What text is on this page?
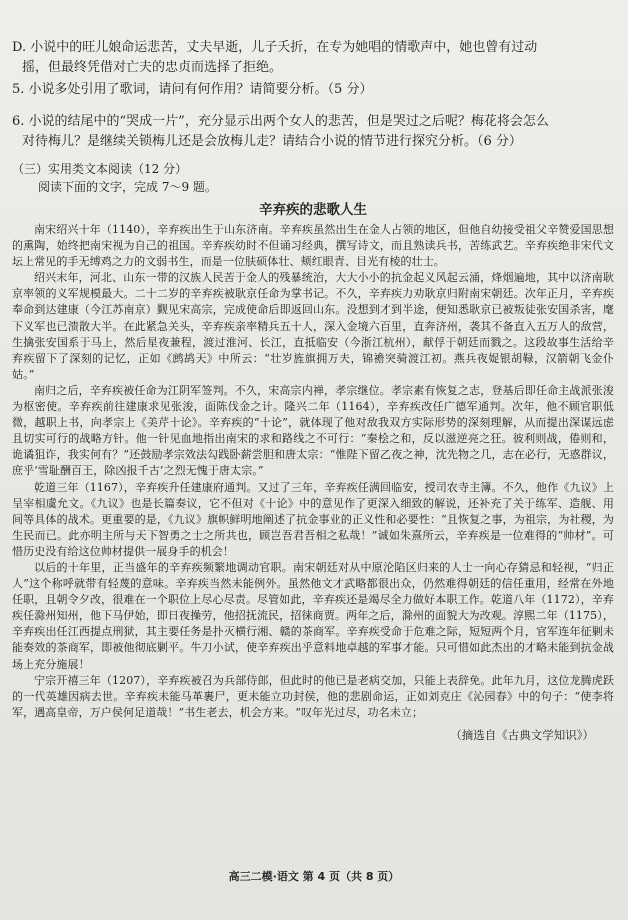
D. 小说中的旺儿娘命运悲苦，丈夫早逝，儿子夭折，在专为她唱的情歌声中，她也曾有过动

摇，但最终凭借对亡夫的忠贞而选择了拒绝。

5. 小说多处引用了歌词，请问有何作用？请简要分析。（5 分）

6. 小说的结尾中的“哭成一片”，充分显示出两个女人的悲苦，但是哭过之后呢？梅花将会怎么

对待梅儿？是继续关锁梅儿还是会放梅儿走？请结合小说的情节进行探究分析。（6 分）

（三）实用类文本阅读（12 分）

阅读下面的文字，完成 7～9 题。

辛弃疾的悲歌人生

南宋绍兴十年（1140），辛弃疾出生于山东济南。辛弃疾虽然出生在金人占领的地区，但他自幼接受祖父辛赞爱国思想的熏陶，始终把南宋视为自己的祖国。辛弃疾幼时不但诵习经典，撰写诗文，而且熟读兵书，苦练武艺。辛弃疾绝非宋代文坛上常见的手无缚鸡之力的文弱书生，而是一位肤硕体壮、颊红眼青、目光有棱的壮士。

绍兴末年，河北、山东一带的汉族人民苦于金人的残暴统治，大大小小的抗金起义风起云涌，烽烟遍地，其中以济南耿京率领的义军规模最大。二十二岁的辛弃疾被耿京任命为掌书记。不久，辛弃疾力劝耿京归附南宋朝廷。次年正月，辛弃疾奉命到达建康（今江苏南京）觐见宋高宗，完成使命后即返回山东。没想到才到半途，便知悉耿京已被叛徒张安国杀害，麾下义军也已溃散大半。在此紧急关头，辛弃疾亲率精兵五十人，深入金境六百里，直奔济州，袭其不备直入五万人的敌营，生擒张安国系于马上，然后星夜兼程，渡过淮河、长江，直抵临安（今浙江杭州），献俘于朝廷而戮之。这段故事生活给辛弃疾留下了深刻的记忆，正如《鹧鸪天》中所云：“壮岁旌旗拥万夫，锦襜突骑渡江初。燕兵夜娖银胡䩮，汉箭朝飞金仆姑。”

南归之后，辛弃疾被任命为江阴军签判。不久，宋高宗内禅，孝宗继位。孝宗素有恢复之志，登基后即任命主战派张浚为枢密使。辛弃疾前往建康求见张浚，面陈伐金之计。隆兴二年（1164），辛弃疾改任广德军通判。次年，他不顾官职低微，越职上书，向孝宗上《美芹十论》。辛弃疾的“十论”，就体现了他对敌我双方实际形势的深刻理解，从而提出深谋远虑且切实可行的战略方针。他一针见血地指出南宋的求和路线之不可行：“秦桧之和，反以滋逆亮之狂。彼利则战，倦则和，诡谲狙诈，我实何有？”还鼓励孝宗效法勾践卧薪尝胆和唐太宗：“惟陛下留乙夜之神，沈先物之几，志在必行，无惑群议，庶乎‘雪耻酬百王，除凶报千古’之烈无愧于唐太宗。”

乾道三年（1167），辛弃疾升任建康府通判。又过了三年，辛弃疾任满回临安，授司农寺主簿。不久，他作《九议》上呈宰相虞允文。《九议》也是长篇奏议，它不但对《十论》中的意见作了更深入细致的解说，还补充了关于练军、造舰、用间等具体的战术。更重要的是，《九议》旗帜鲜明地阐述了抗金事业的正义性和必要性：“且恢复之事，为祖宗，为社稷，为生民而已。此亦明主所与天下智勇之士之所共也，顾岂吾君吾相之私哉！”诚如朱熹所云，辛弃疾是一位难得的“帅材”。可惜历史没有给这位帅材提供一展身手的机会！

以后的十年里，正当盛年的辛弃疾频繁地调动官职。南宋朝廷对从中原沦陷区归来的人士一向心存猜忌和轻视，“归正人”这个称呼就带有轻蔑的意味。辛弃疾当然未能例外。虽然他文才武略都很出众，仍然难得朝廷的信任重用，经常在外地任职，且朝令夕改，很难在一个职位上尽心尽责。尽管如此，辛弃疾还是竭尽全力做好本职工作。乾道八年（1172），辛弃疾任滁州知州，他下马伊始，即日夜操劳，他招抚流民，招徕商贾。两年之后，滁州的面貌大为改观。淳熙二年（1175），辛弃疾出任江西提点刑狱，其主要任务是扑灭横行湘、赣的茶商军。辛弃疾受命于危难之际，短短两个月，官军连年征剿未能奏效的茶商军，即被他彻底剿平。牛刀小试，使辛弃疾出乎意料地卓越的军事才能。只可惜如此杰出的才略未能到抗金战场上充分施展！

宁宗开禧三年（1207），辛弃疾被召为兵部侍郎，但此时的他已是老病交加，只能上表辞免。此年九月，这位龙腾虎跃的一代英雄因病去世。辛弃疾未能马革裹尸，更未能立功封侯，他的悲剧命运，正如刘克庄《沁园春》中的句子：“使李将军，遇高皇帝，万户侯何足道哉！”书生老去，机会方来。“叹年光过尽，功名未立；

（摘选自《古典文学知识》）
高三二模·语文 第 4 页（共 8 页）
